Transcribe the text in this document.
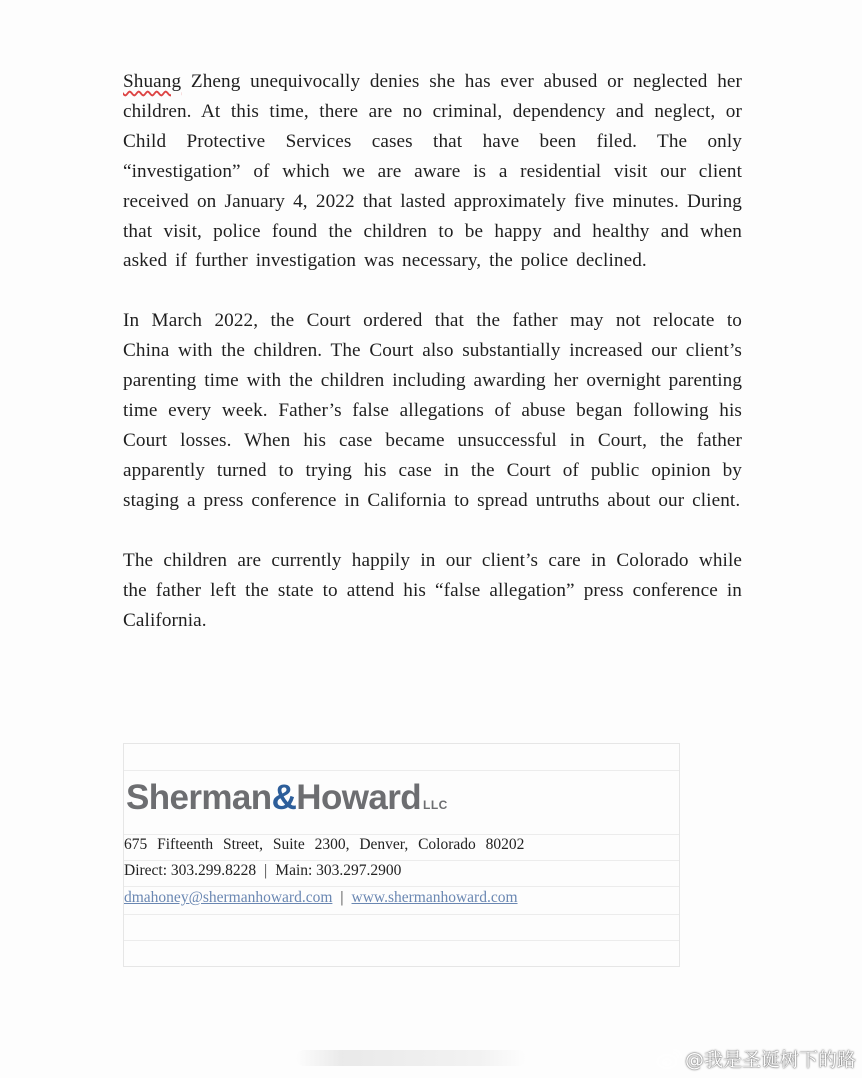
Shuang Zheng unequivocally denies she has ever abused or neglected her children. At this time, there are no criminal, dependency and neglect, or Child Protective Services cases that have been filed. The only “investigation” of which we are aware is a residential visit our client received on January 4, 2022 that lasted approximately five minutes. During that visit, police found the children to be happy and healthy and when asked if further investigation was necessary, the police declined.

In March 2022, the Court ordered that the father may not relocate to China with the children. The Court also substantially increased our client’s parenting time with the children including awarding her overnight parenting time every week. Father’s false allegations of abuse began following his Court losses. When his case became unsuccessful in Court, the father apparently turned to trying his case in the Court of public opinion by staging a press conference in California to spread untruths about our client.

The children are currently happily in our client’s care in Colorado while the father left the state to attend his “false allegation” press conference in California.

Sherman&Howard LLC
675 Fifteenth Street, Suite 2300, Denver, Colorado 80202
Direct: 303.299.8228 | Main: 303.297.2900
dmahoney@shermanhoward.com | www.shermanhoward.com
@我是圣诞树下的路
